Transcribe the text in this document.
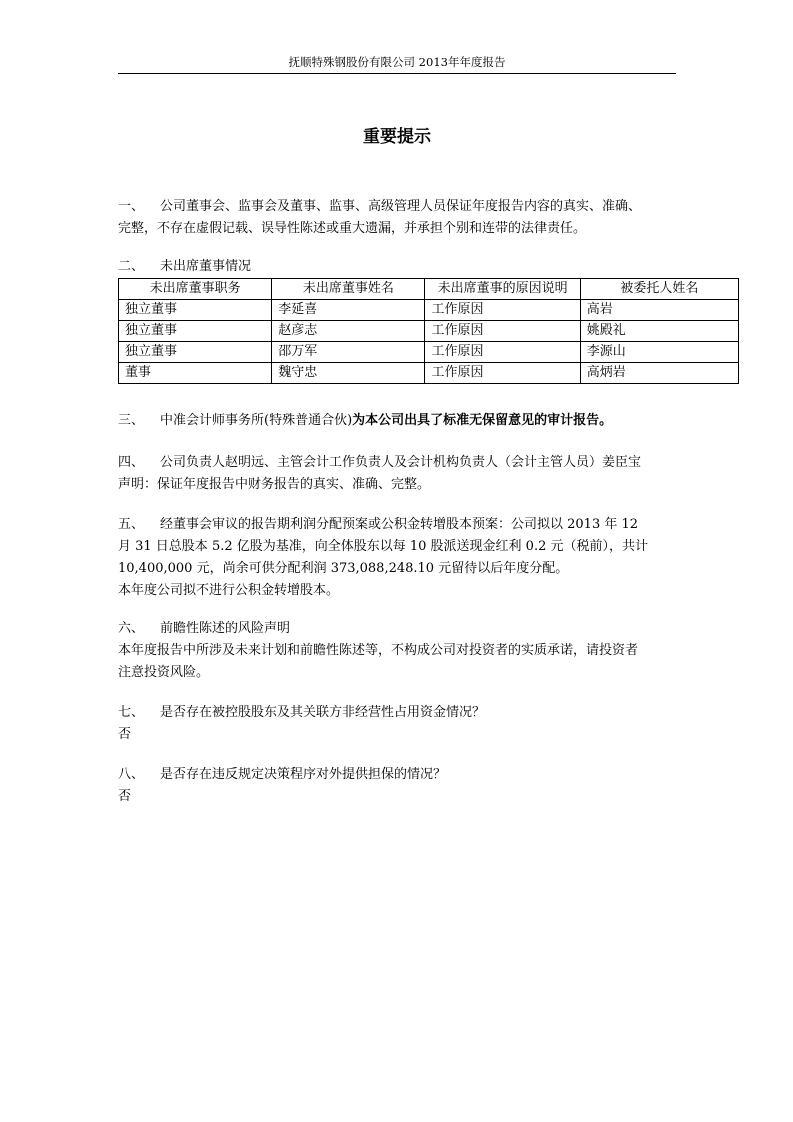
抚顺特殊钢股份有限公司 2013年年度报告
重要提示

一、 公司董事会、监事会及董事、监事、高级管理人员保证年度报告内容的真实、准确、

完整，不存在虚假记载、误导性陈述或重大遗漏，并承担个别和连带的法律责任。

二、 未出席董事情况

未出席董事职务	未出席董事姓名	未出席董事的原因说明	被委托人姓名
独立董事	李延喜	工作原因	高岩
独立董事	赵彦志	工作原因	姚殿礼
独立董事	邵万军	工作原因	李源山
董事	魏守忠	工作原因	高炳岩

三、 中准会计师事务所(特殊普通合伙)为本公司出具了标准无保留意见的审计报告。

四、 公司负责人赵明远、主管会计工作负责人及会计机构负责人（会计主管人员）姜臣宝

声明：保证年度报告中财务报告的真实、准确、完整。

五、 经董事会审议的报告期利润分配预案或公积金转增股本预案：公司拟以 2013 年 12

月 31 日总股本 5.2 亿股为基准，向全体股东以每 10 股派送现金红利 0.2 元（税前），共计

10,400,000 元，尚余可供分配利润 373,088,248.10 元留待以后年度分配。

本年度公司拟不进行公积金转增股本。

六、 前瞻性陈述的风险声明

本年度报告中所涉及未来计划和前瞻性陈述等，不构成公司对投资者的实质承诺，请投资者

注意投资风险。

七、 是否存在被控股股东及其关联方非经营性占用资金情况？

否

八、 是否存在违反规定决策程序对外提供担保的情况？

否
